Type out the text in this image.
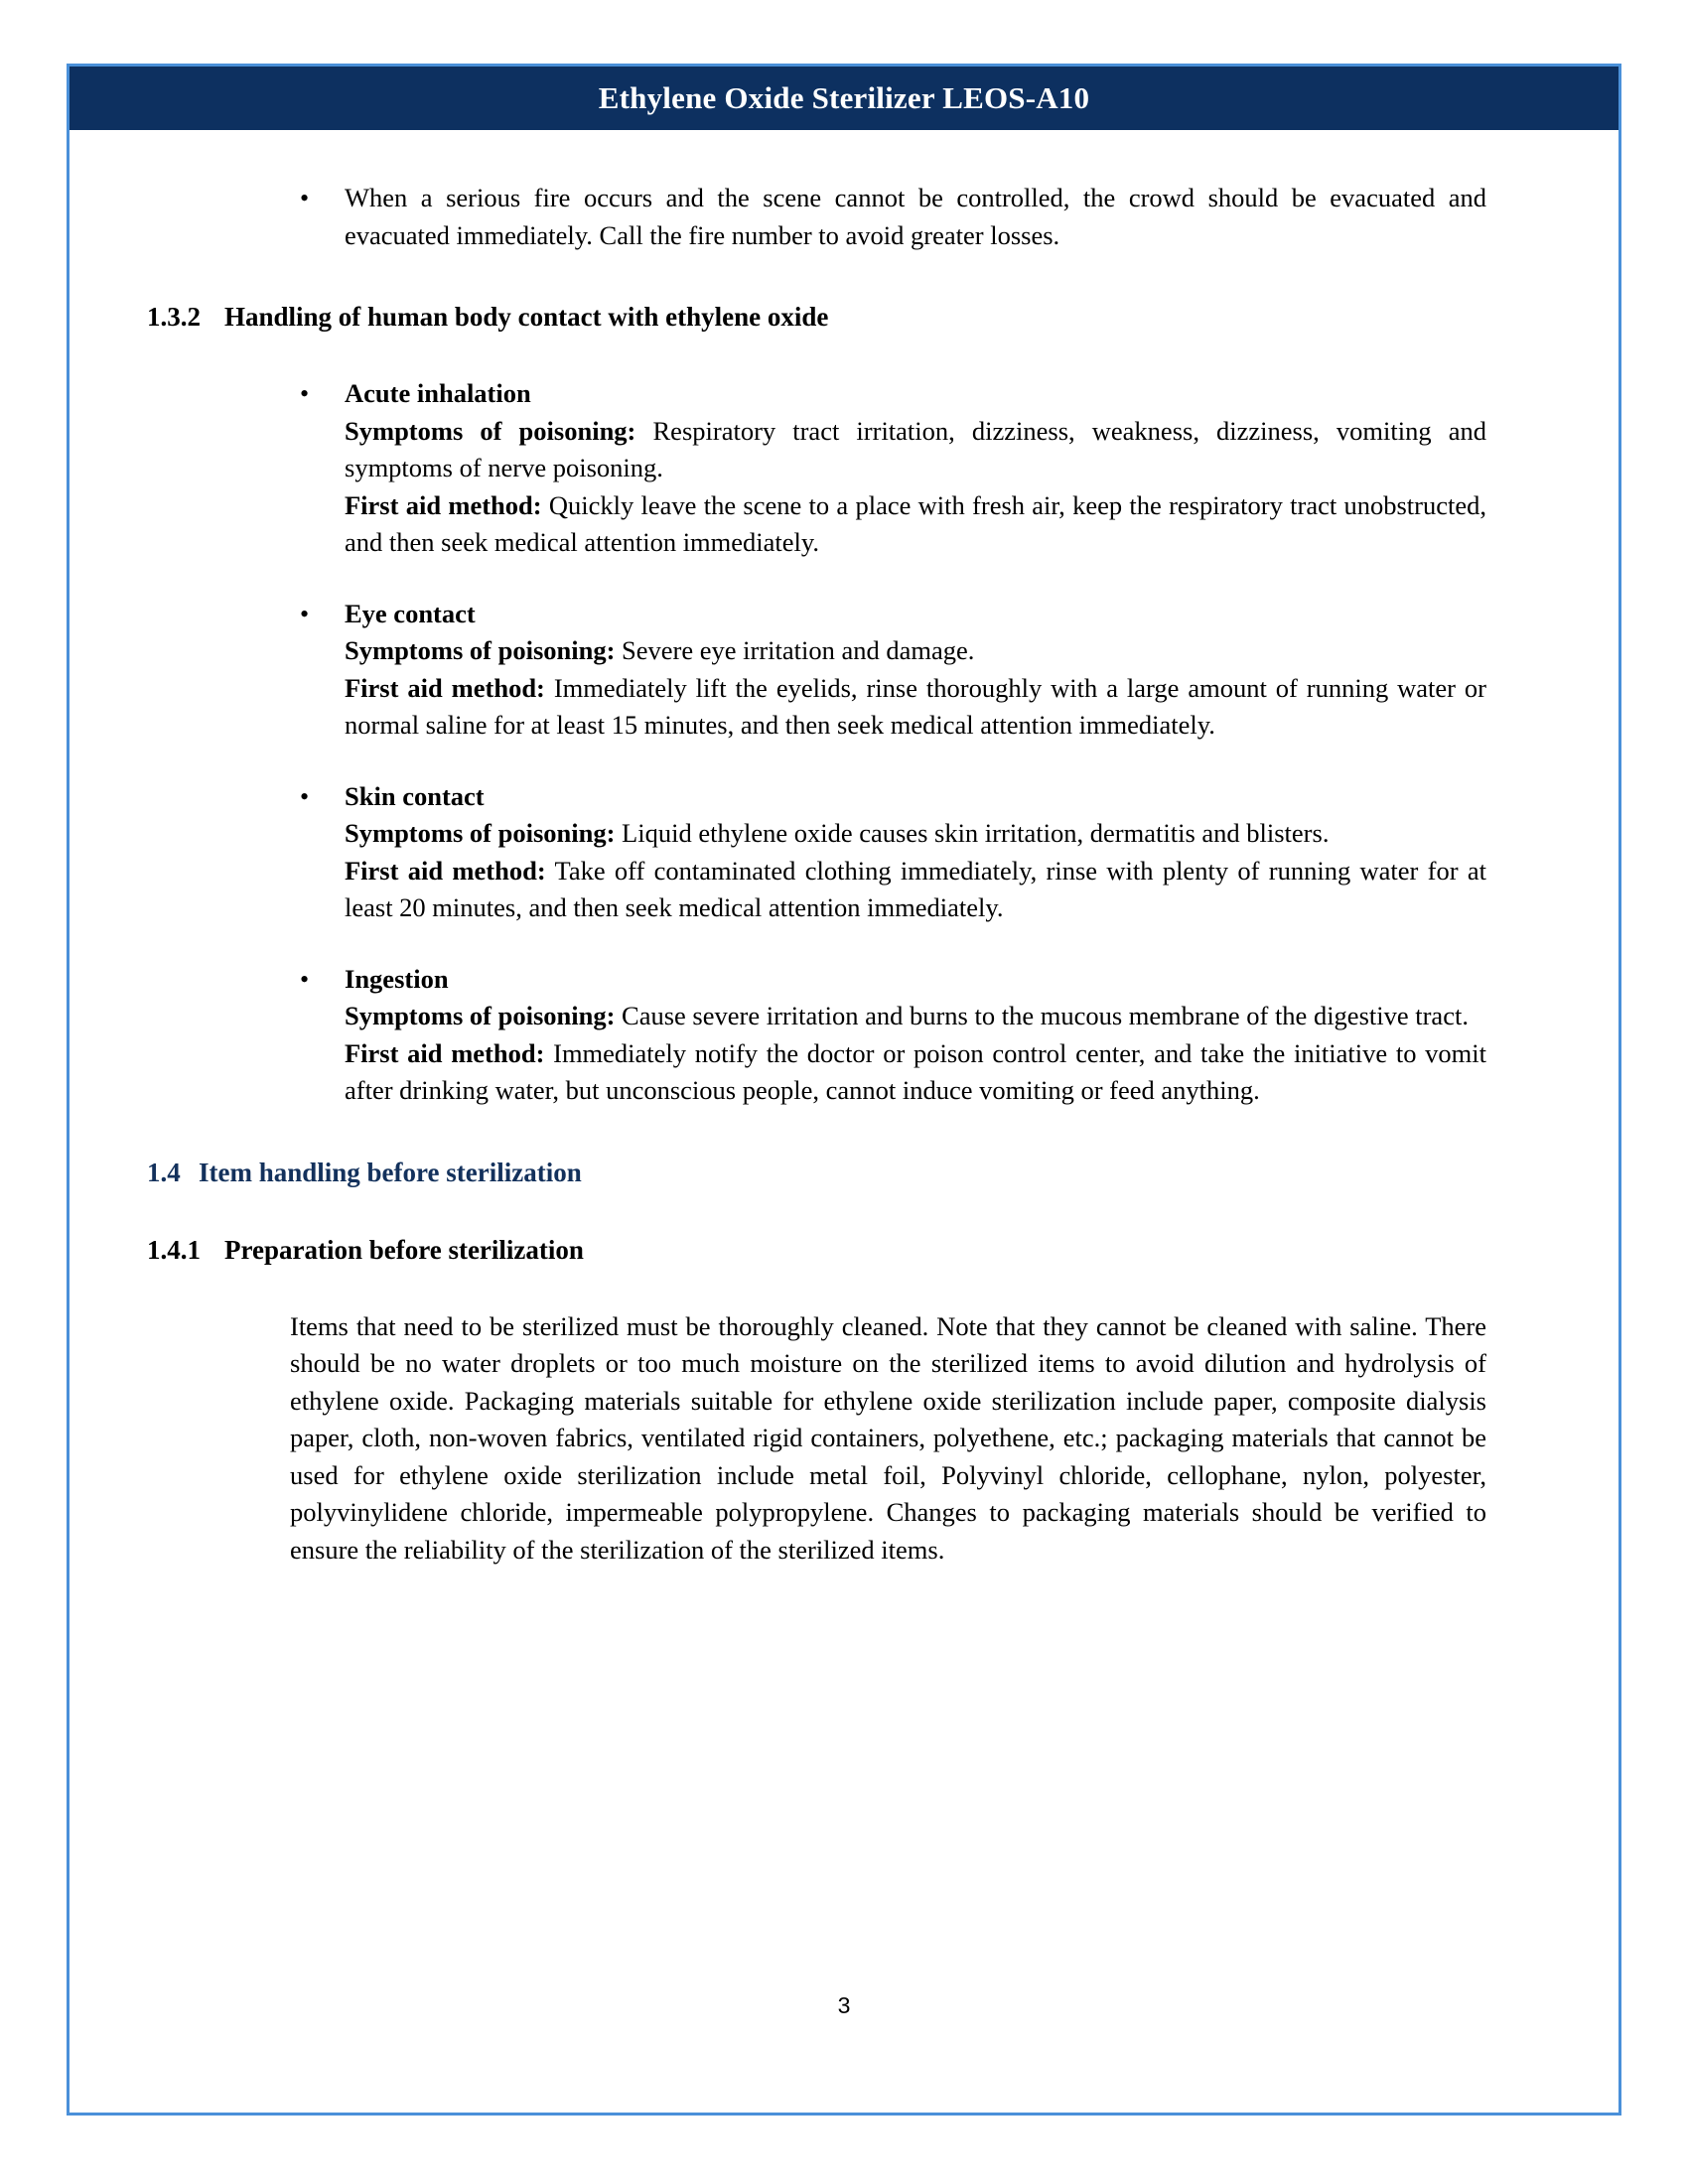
Ethylene Oxide Sterilizer LEOS-A10
• When a serious fire occurs and the scene cannot be controlled, the crowd should be evacuated and evacuated immediately. Call the fire number to avoid greater losses.
1.3.2 Handling of human body contact with ethylene oxide
• Acute inhalation
Symptoms of poisoning: Respiratory tract irritation, dizziness, weakness, dizziness, vomiting and symptoms of nerve poisoning.
First aid method: Quickly leave the scene to a place with fresh air, keep the respiratory tract unobstructed, and then seek medical attention immediately.
• Eye contact
Symptoms of poisoning: Severe eye irritation and damage.
First aid method: Immediately lift the eyelids, rinse thoroughly with a large amount of running water or normal saline for at least 15 minutes, and then seek medical attention immediately.
• Skin contact
Symptoms of poisoning: Liquid ethylene oxide causes skin irritation, dermatitis and blisters.
First aid method: Take off contaminated clothing immediately, rinse with plenty of running water for at least 20 minutes, and then seek medical attention immediately.
• Ingestion
Symptoms of poisoning: Cause severe irritation and burns to the mucous membrane of the digestive tract.
First aid method: Immediately notify the doctor or poison control center, and take the initiative to vomit after drinking water, but unconscious people, cannot induce vomiting or feed anything.
1.4 Item handling before sterilization
1.4.1 Preparation before sterilization
Items that need to be sterilized must be thoroughly cleaned. Note that they cannot be cleaned with saline. There should be no water droplets or too much moisture on the sterilized items to avoid dilution and hydrolysis of ethylene oxide. Packaging materials suitable for ethylene oxide sterilization include paper, composite dialysis paper, cloth, non-woven fabrics, ventilated rigid containers, polyethene, etc.; packaging materials that cannot be used for ethylene oxide sterilization include metal foil, Polyvinyl chloride, cellophane, nylon, polyester, polyvinylidene chloride, impermeable polypropylene. Changes to packaging materials should be verified to ensure the reliability of the sterilization of the sterilized items.
3
